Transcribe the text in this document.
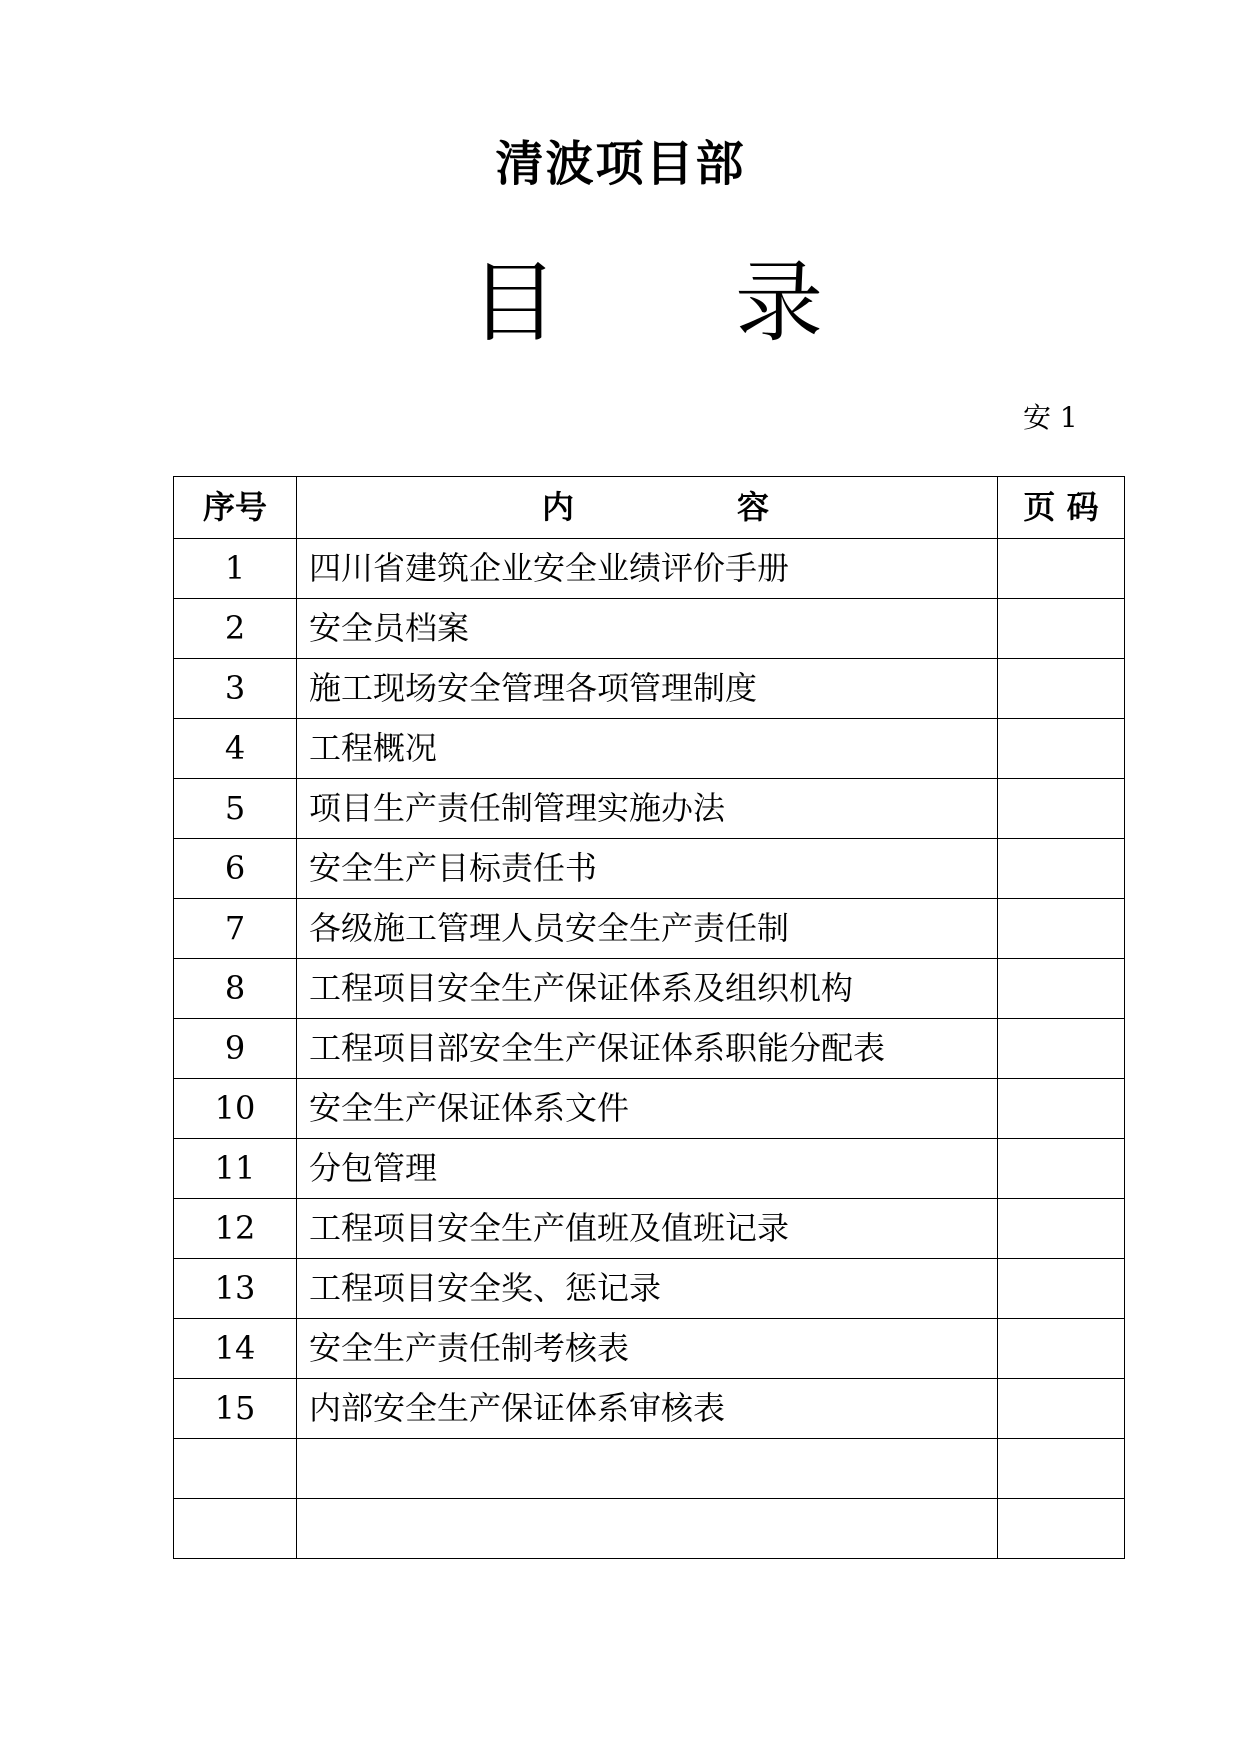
清波项目部
目 录
安 1
序号	内 容	页 码
1	四川省建筑企业安全业绩评价手册	
2	安全员档案	
3	施工现场安全管理各项管理制度	
4	工程概况	
5	项目生产责任制管理实施办法	
6	安全生产目标责任书	
7	各级施工管理人员安全生产责任制	
8	工程项目安全生产保证体系及组织机构	
9	工程项目部安全生产保证体系职能分配表	
10	安全生产保证体系文件	
11	分包管理	
12	工程项目安全生产值班及值班记录	
13	工程项目安全奖、惩记录	
14	安全生产责任制考核表	
15	内部安全生产保证体系审核表	
